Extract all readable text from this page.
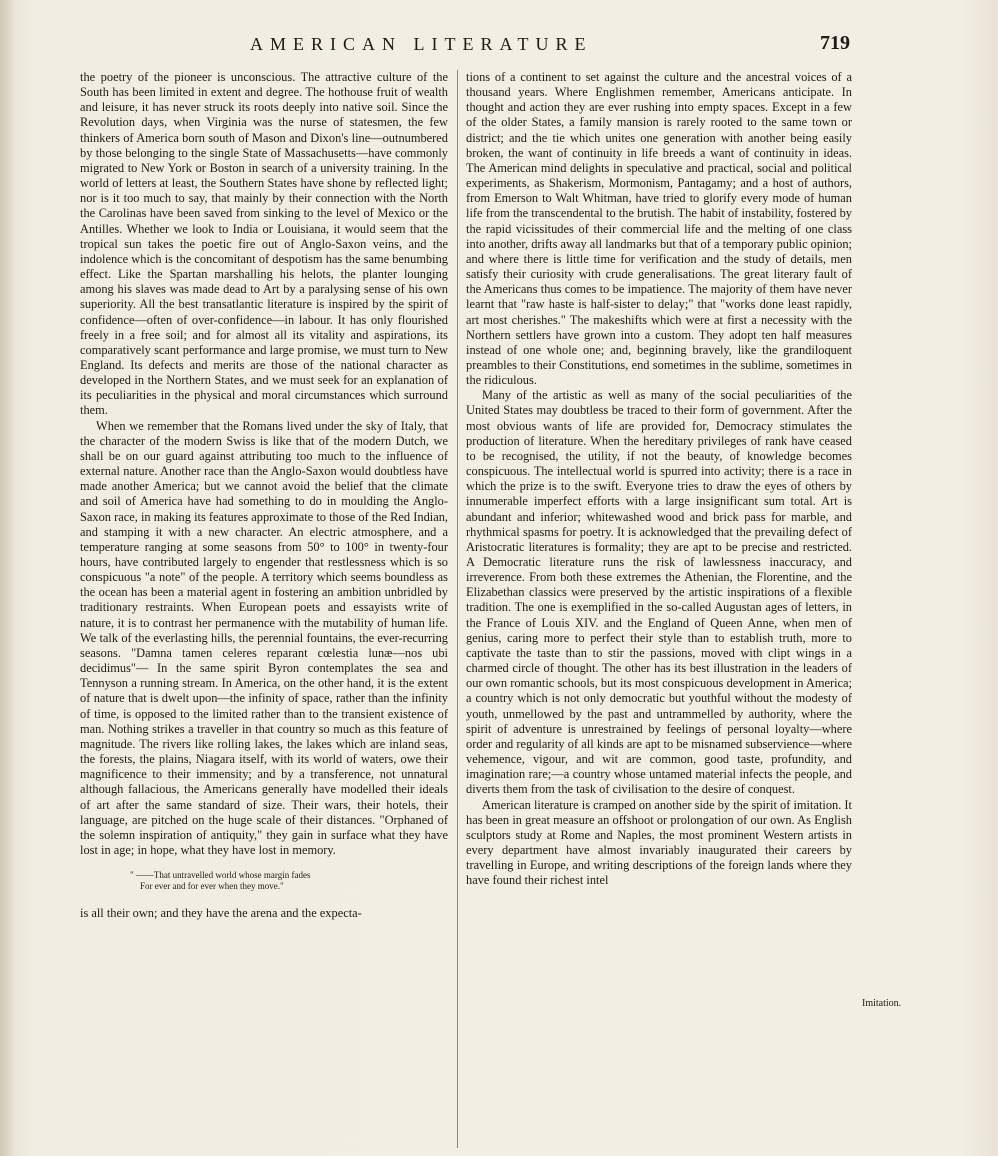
AMERICAN LITERATURE	719

the poetry of the pioneer is unconscious. The attractive culture of the South has been limited in extent and degree. The hothouse fruit of wealth and leisure, it has never struck its roots deeply into native soil. Since the Revolution days, when Virginia was the nurse of statesmen, the few thinkers of America born south of Mason and Dixon's line—outnumbered by those belonging to the single State of Massachusetts—have commonly migrated to New York or Boston in search of a university training. In the world of letters at least, the Southern States have shone by reflected light; nor is it too much to say, that mainly by their connection with the North the Carolinas have been saved from sinking to the level of Mexico or the Antilles. Whether we look to India or Louisiana, it would seem that the tropical sun takes the poetic fire out of Anglo-Saxon veins, and the indolence which is the concomitant of despotism has the same benumbing effect. Like the Spartan marshalling his helots, the planter lounging among his slaves was made dead to Art by a paralysing sense of his own superiority. All the best transatlantic literature is inspired by the spirit of confidence—often of over-confidence—in labour. It has only flourished freely in a free soil; and for almost all its vitality and aspirations, its comparatively scant performance and large promise, we must turn to New England. Its defects and merits are those of the national character as developed in the Northern States, and we must seek for an explanation of its peculiarities in the physical and moral circumstances which surround them.

When we remember that the Romans lived under the sky of Italy, that the character of the modern Swiss is like that of the modern Dutch, we shall be on our guard against attributing too much to the influence of external nature. Another race than the Anglo-Saxon would doubtless have made another America; but we cannot avoid the belief that the climate and soil of America have had something to do in moulding the Anglo-Saxon race, in making its features approximate to those of the Red Indian, and stamping it with a new character. An electric atmosphere, and a temperature ranging at some seasons from 50° to 100° in twenty-four hours, have contributed largely to engender that restlessness which is so conspicuous "a note" of the people. A territory which seems boundless as the ocean has been a material agent in fostering an ambition unbridled by traditionary restraints. When European poets and essayists write of nature, it is to contrast her permanence with the mutability of human life. We talk of the everlasting hills, the perennial fountains, the ever-recurring seasons. "Damna tamen celeres reparant cœlestia lunæ—nos ubi decidimus"— In the same spirit Byron contemplates the sea and Tennyson a running stream. In America, on the other hand, it is the extent of nature that is dwelt upon—the infinity of space, rather than the infinity of time, is opposed to the limited rather than to the transient existence of man. Nothing strikes a traveller in that country so much as this feature of magnitude. The rivers like rolling lakes, the lakes which are inland seas, the forests, the plains, Niagara itself, with its world of waters, owe their magnificence to their immensity; and by a transference, not unnatural although fallacious, the Americans generally have modelled their ideals of art after the same standard of size. Their wars, their hotels, their language, are pitched on the huge scale of their distances. "Orphaned of the solemn inspiration of antiquity," they gain in surface what they have lost in age; in hope, what they have lost in memory.

" ——That untravelled world whose margin fades
For ever and for ever when they move."

is all their own; and they have the arena and the expecta-

tions of a continent to set against the culture and the ancestral voices of a thousand years. Where Englishmen remember, Americans anticipate. In thought and action they are ever rushing into empty spaces. Except in a few of the older States, a family mansion is rarely rooted to the same town or district; and the tie which unites one generation with another being easily broken, the want of continuity in life breeds a want of continuity in ideas. The American mind delights in speculative and practical, social and political experiments, as Shakerism, Mormonism, Pantagamy; and a host of authors, from Emerson to Walt Whitman, have tried to glorify every mode of human life from the transcendental to the brutish. The habit of instability, fostered by the rapid vicissitudes of their commercial life and the melting of one class into another, drifts away all landmarks but that of a temporary public opinion; and where there is little time for verification and the study of details, men satisfy their curiosity with crude generalisations. The great literary fault of the Americans thus comes to be impatience. The majority of them have never learnt that "raw haste is half-sister to delay;" that "works done least rapidly, art most cherishes." The makeshifts which were at first a necessity with the Northern settlers have grown into a custom. They adopt ten half measures instead of one whole one; and, beginning bravely, like the grandiloquent preambles to their Constitutions, end sometimes in the sublime, sometimes in the ridiculous.

Many of the artistic as well as many of the social peculiarities of the United States may doubtless be traced to their form of government. After the most obvious wants of life are provided for, Democracy stimulates the production of literature. When the hereditary privileges of rank have ceased to be recognised, the utility, if not the beauty, of knowledge becomes conspicuous. The intellectual world is spurred into activity; there is a race in which the prize is to the swift. Everyone tries to draw the eyes of others by innumerable imperfect efforts with a large insignificant sum total. Art is abundant and inferior; whitewashed wood and brick pass for marble, and rhythmical spasms for poetry. It is acknowledged that the prevailing defect of Aristocratic literatures is formality; they are apt to be precise and restricted. A Democratic literature runs the risk of lawlessness inaccuracy, and irreverence. From both these extremes the Athenian, the Florentine, and the Elizabethan classics were preserved by the artistic inspirations of a flexible tradition. The one is exemplified in the so-called Augustan ages of letters, in the France of Louis XIV. and the England of Queen Anne, when men of genius, caring more to perfect their style than to establish truth, more to captivate the taste than to stir the passions, moved with clipt wings in a charmed circle of thought. The other has its best illustration in the leaders of our own romantic schools, but its most conspicuous development in America; a country which is not only democratic but youthful without the modesty of youth, unmellowed by the past and untrammelled by authority, where the spirit of adventure is unrestrained by feelings of personal loyalty—where order and regularity of all kinds are apt to be misnamed subservience—where vehemence, vigour, and wit are common, good taste, profundity, and imagination rare;—a country whose untamed material infects the people, and diverts them from the task of civilisation to the desire of conquest.

American literature is cramped on another side by the spirit of imitation. It has been in great measure an offshoot or prolongation of our own. As English sculptors study at Rome and Naples, the most prominent Western artists in every department have almost invariably inaugurated their careers by travelling in Europe, and writing descriptions of the foreign lands where they have found their richest intel

Imitation.
